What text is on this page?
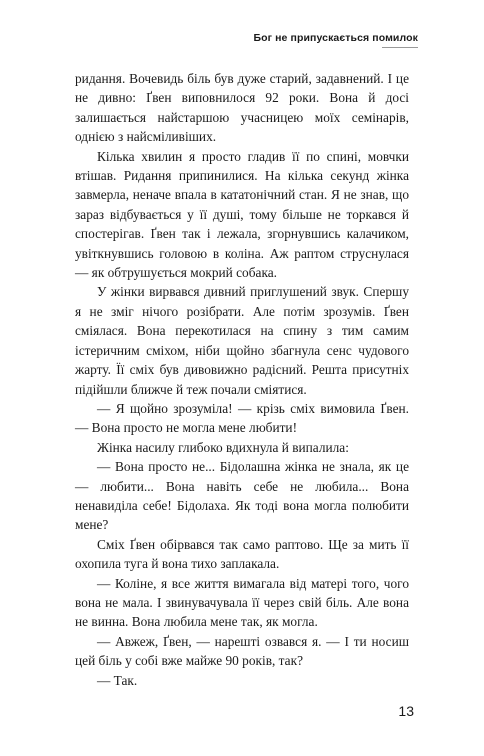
Бог не припускається помилок

ридання. Вочевидь біль був дуже старий, задавнений. І це не дивно: Ґвен виповнилося 92 роки. Вона й досі залишається найстаршою учасницею моїх семінарів, однією з найсміливіших.

Кілька хвилин я просто гладив її по спині, мовчки втішав. Ридання припинилися. На кілька секунд жінка завмерла, неначе впала в кататонічний стан. Я не знав, що зараз відбувається у її душі, тому більше не торкався й спостерігав. Ґвен так і лежала, згорнувшись калачиком, увіткнувшись головою в коліна. Аж раптом струснулася — як обтрушується мокрий собака.

У жінки вирвався дивний приглушений звук. Спершу я не зміг нічого розібрати. Але потім зрозумів. Ґвен сміялася. Вона перекотилася на спину з тим самим істеричним сміхом, ніби щойно збагнула сенс чудового жарту. Її сміх був дивовижно радісний. Решта присутніх підійшли ближче й теж почали сміятися.

— Я щойно зрозуміла! — крізь сміх вимовила Ґвен. — Вона просто не могла мене любити!

Жінка насилу глибоко вдихнула й випалила:

— Вона просто не... Бідолашна жінка не знала, як це — любити... Вона навіть себе не любила... Вона ненавиділа себе! Бідолаха. Як тоді вона могла полюбити мене?

Сміх Ґвен обірвався так само раптово. Ще за мить її охопила туга й вона тихо заплакала.

— Коліне, я все життя вимагала від матері того, чого вона не мала. І звинувачувала її через свій біль. Але вона не винна. Вона любила мене так, як могла.

— Авжеж, Ґвен, — нарешті озвався я. — І ти носиш цей біль у собі вже майже 90 років, так?

— Так.

13
